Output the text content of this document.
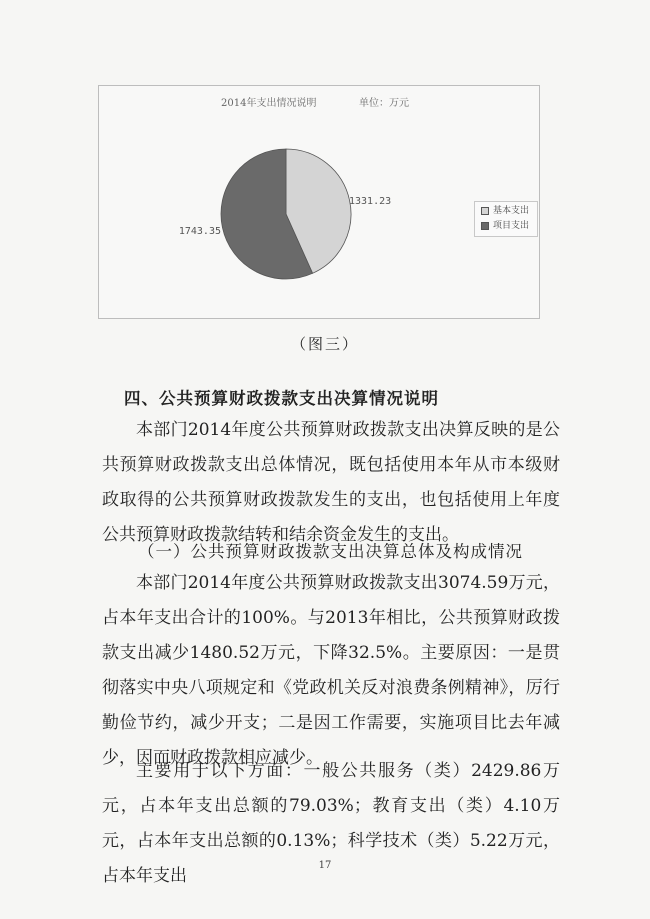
2014年支出情况说明	单位：万元
1331.23
1743.35
基本支出
项目支出
（图三）
四、公共预算财政拨款支出决算情况说明

本部门2014年度公共预算财政拨款支出决算反映的是公共预算财政拨款支出总体情况，既包括使用本年从市本级财政取得的公共预算财政拨款发生的支出，也包括使用上年度公共预算财政拨款结转和结余资金发生的支出。

（一）公共预算财政拨款支出决算总体及构成情况

本部门2014年度公共预算财政拨款支出3074.59万元，占本年支出合计的100%。与2013年相比，公共预算财政拨款支出减少1480.52万元，下降32.5%。主要原因：一是贯彻落实中央八项规定和《党政机关反对浪费条例精神》，厉行勤俭节约，减少开支；二是因工作需要，实施项目比去年减少，因而财政拨款相应减少。

主要用于以下方面：一般公共服务（类）2429.86万元，占本年支出总额的79.03%；教育支出（类）4.10万元，占本年支出总额的0.13%；科学技术（类）5.22万元，占本年支出

17
